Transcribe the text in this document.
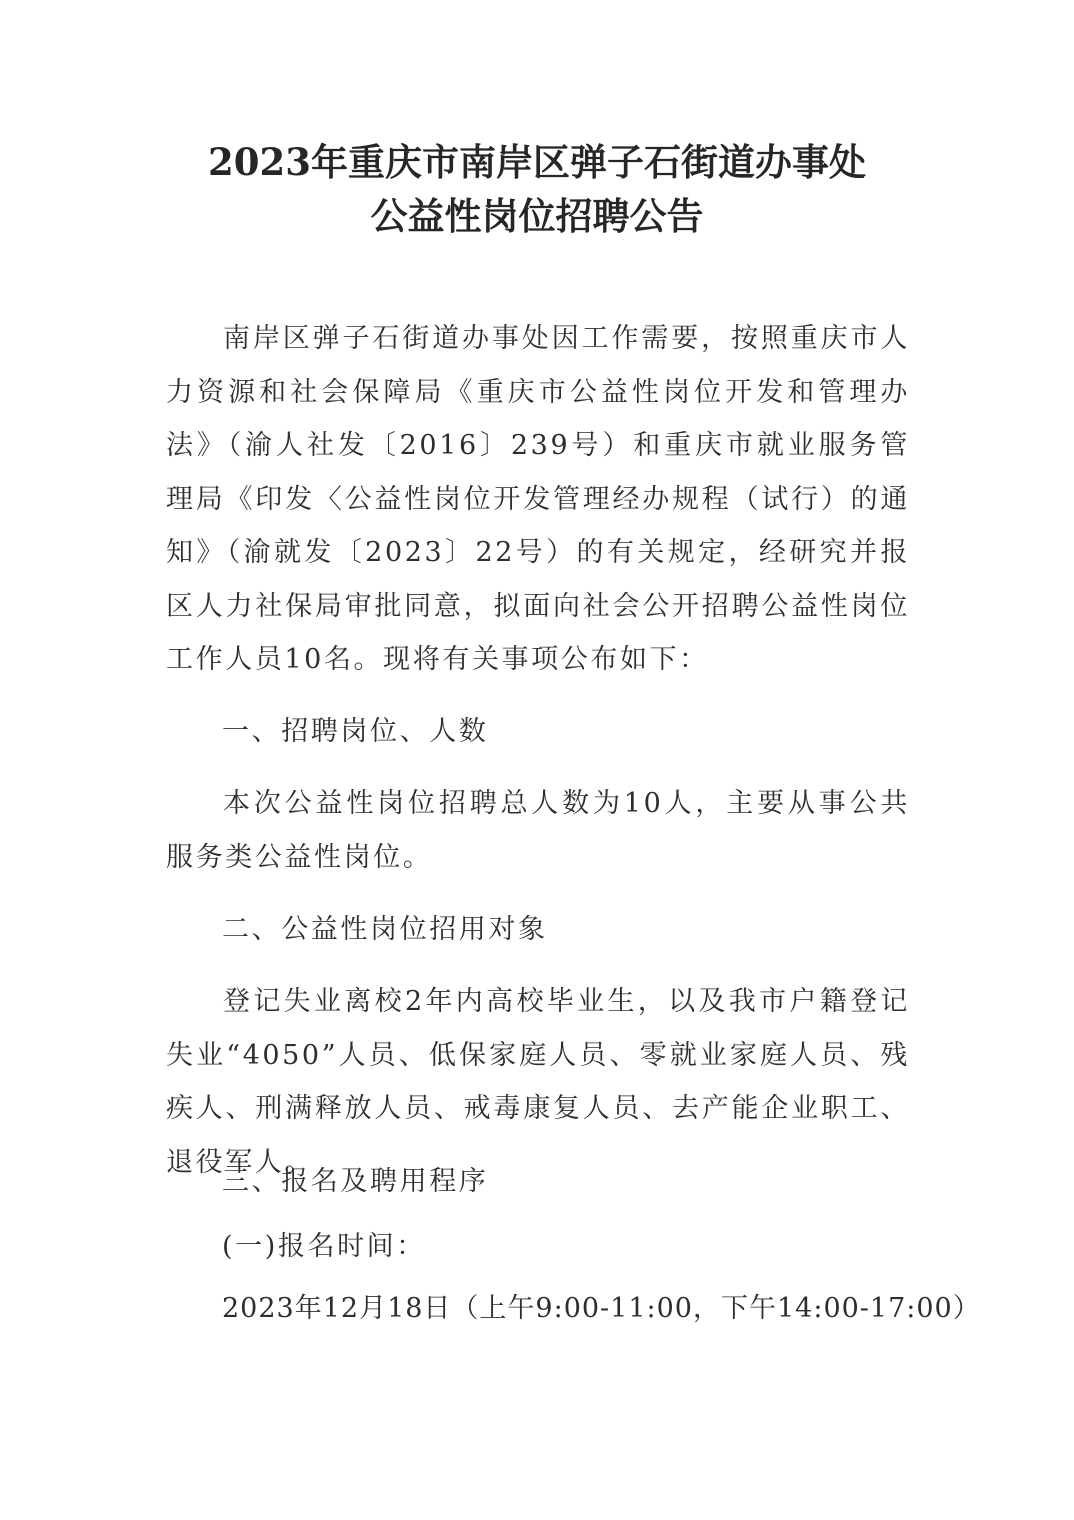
2023年重庆市南岸区弹子石街道办事处
公益性岗位招聘公告

南岸区弹子石街道办事处因工作需要，按照重庆市人力资源和社会保障局《重庆市公益性岗位开发和管理办法》（渝人社发〔2016〕239号）和重庆市就业服务管理局《印发〈公益性岗位开发管理经办规程（试行）的通知》（渝就发〔2023〕22号）的有关规定，经研究并报区人力社保局审批同意，拟面向社会公开招聘公益性岗位工作人员10名。现将有关事项公布如下：

一、招聘岗位、人数

本次公益性岗位招聘总人数为10人，主要从事公共服务类公益性岗位。

二、公益性岗位招用对象

登记失业离校2年内高校毕业生，以及我市户籍登记失业“4050”人员、低保家庭人员、零就业家庭人员、残疾人、刑满释放人员、戒毒康复人员、去产能企业职工、退役军人。

三、报名及聘用程序

(一)报名时间：

2023年12月18日（上午9:00-11:00，下午14:00-17:00）
